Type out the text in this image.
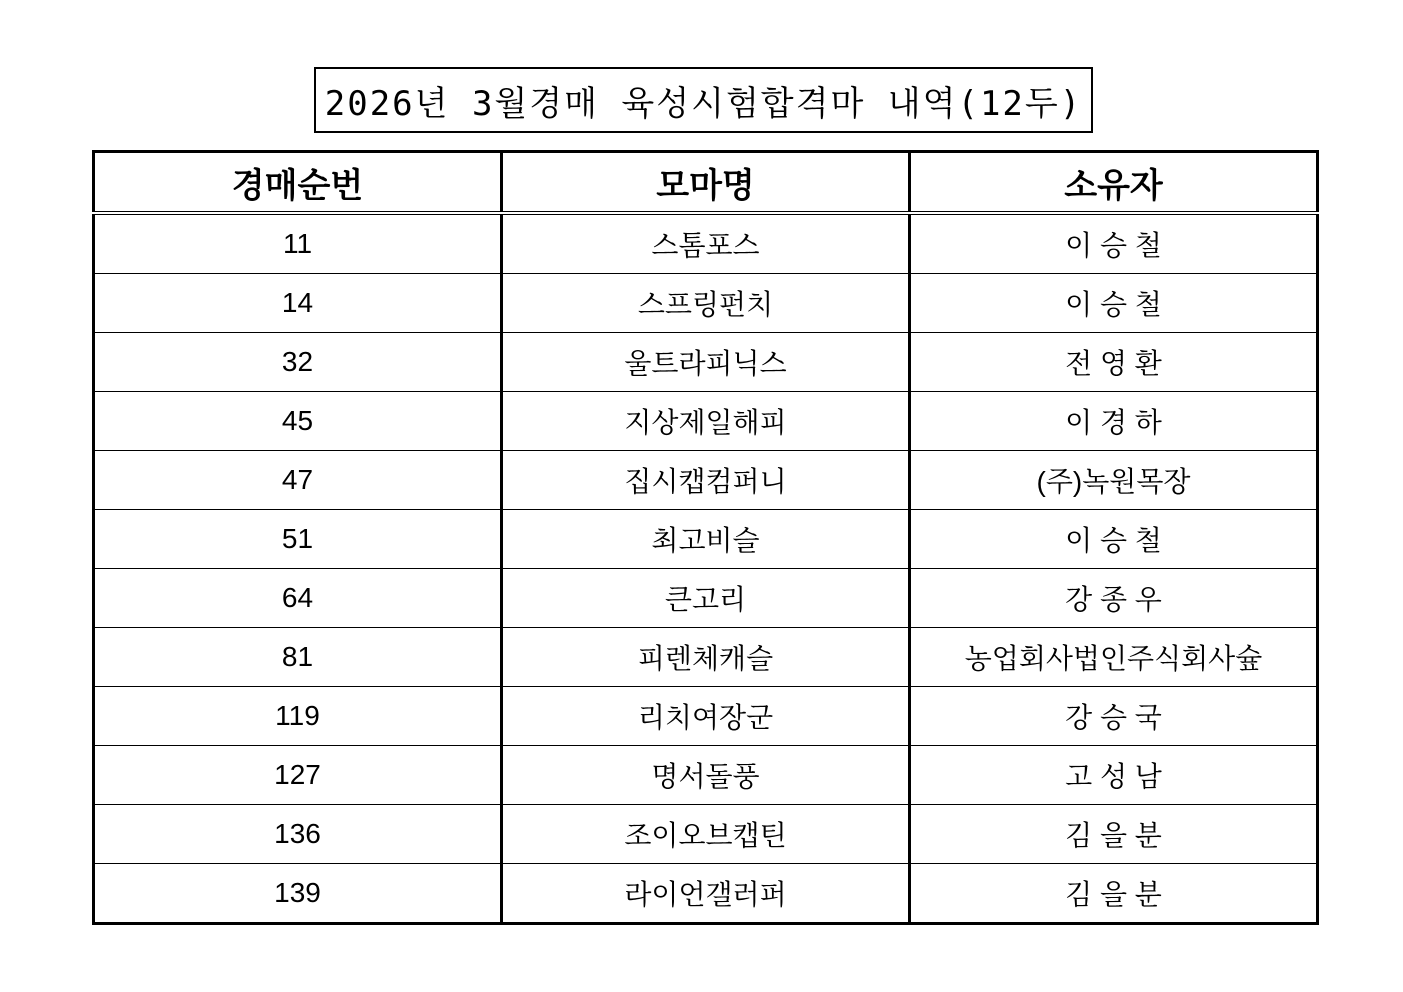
2026년 3월경매 육성시험합격마 내역(12두)
경매순번	모마명	소유자
11	스톰포스	이 승 철
14	스프링펀치	이 승 철
32	울트라피닉스	전 영 환
45	지상제일해피	이 경 하
47	집시캡컴퍼니	(주)녹원목장
51	최고비슬	이 승 철
64	큰고리	강 종 우
81	피렌체캐슬	농업회사법인주식회사슢
119	리치여장군	강 승 국
127	명서돌풍	고 성 남
136	조이오브캡틴	김 을 분
139	라이언갤러퍼	김 을 분
